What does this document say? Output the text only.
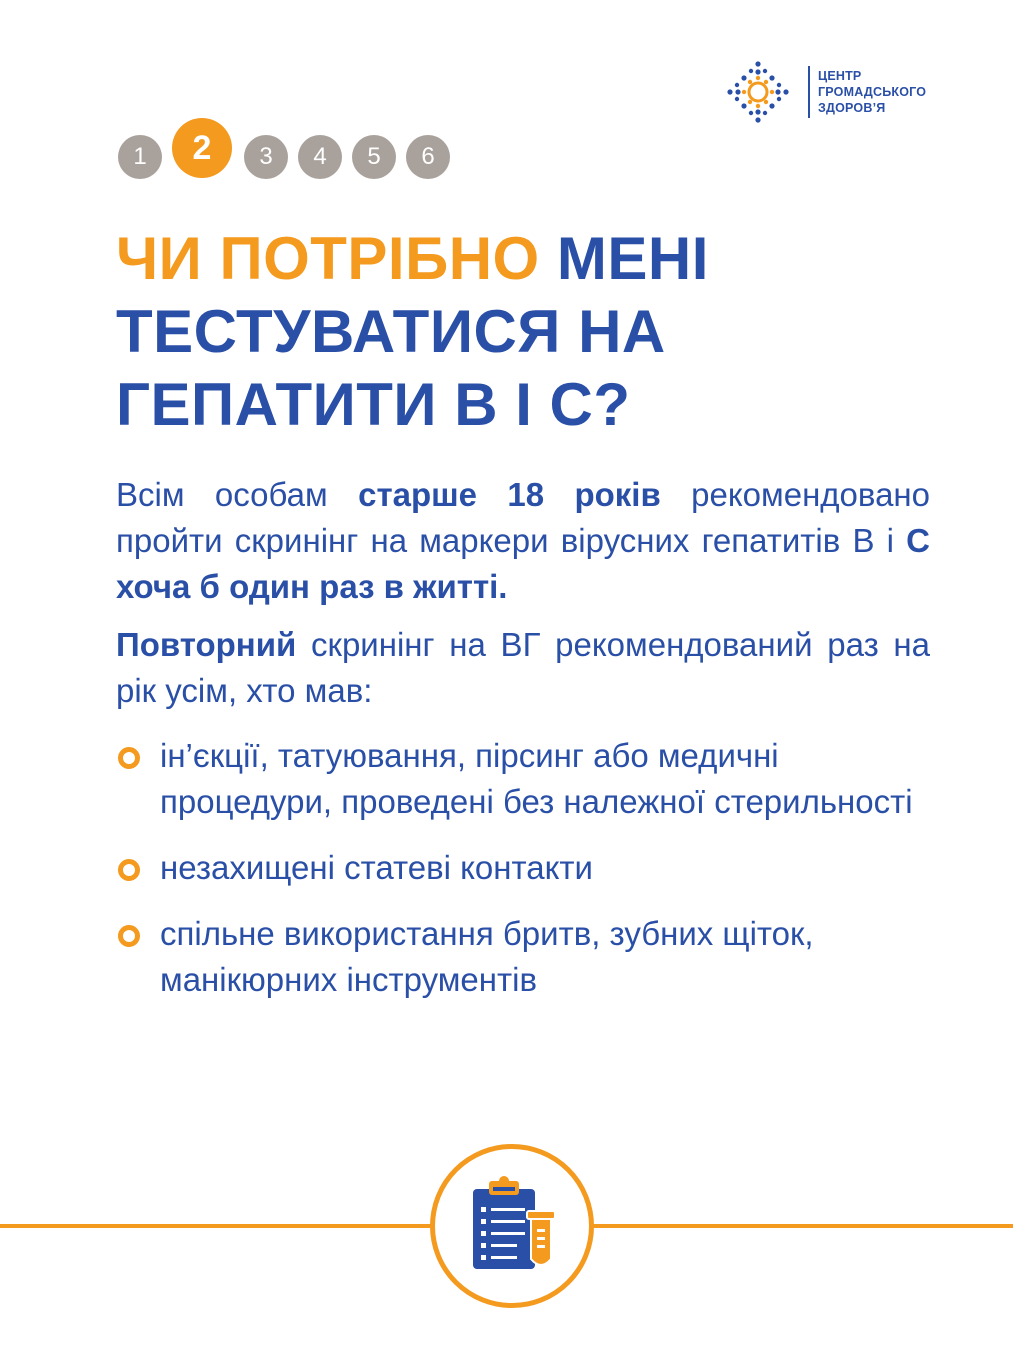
ЦЕНТР
ГРОМАДСЬКОГО
ЗДОРОВ’Я
1	2	3	4	5	6
ЧИ ПОТРІБНО МЕНІ ТЕСТУВАТИСЯ НА ГЕПАТИТИ В І С?

Всім особам старше 18 років рекомендовано пройти скринінг на маркери вірусних гепатитів В і С хоча б один раз в житті.

Повторний скринінг на ВГ рекомендований раз на рік усім, хто мав:

ін’єкції, татуювання, пірсинг або медичні процедури, проведені без належної стерильності
незахищені статеві контакти
спільне використання бритв, зубних щіток, манікюрних інструментів
